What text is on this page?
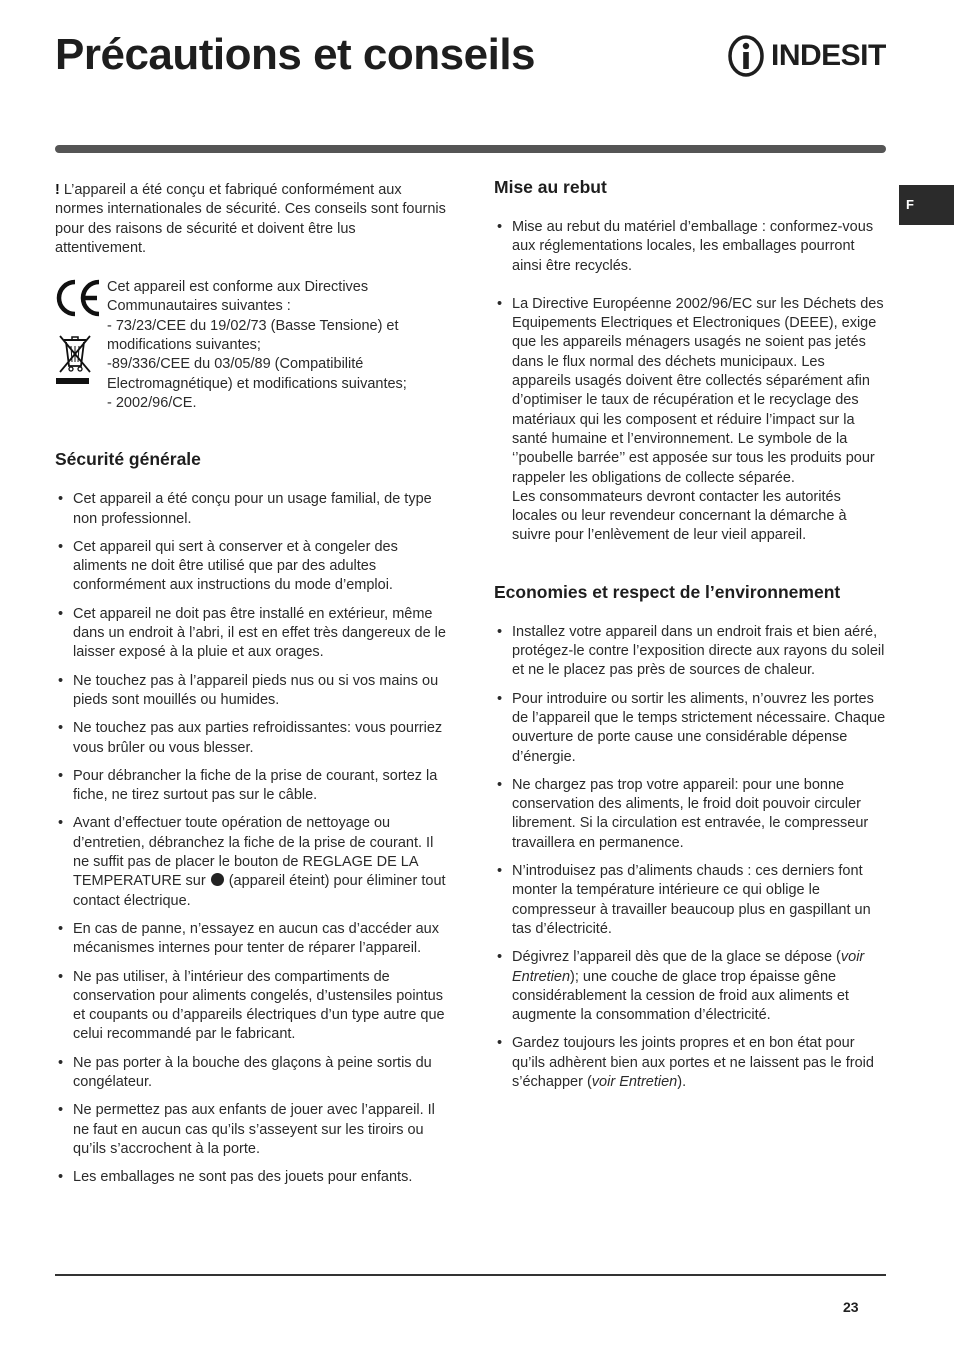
Précautions et conseils	INDESIT
F

! L’appareil a été conçu et fabriqué conformément aux normes internationales de sécurité. Ces conseils sont fournis pour des raisons de sécurité et doivent être lus attentivement.

Cet appareil est conforme aux Directives Communautaires suivantes :
- 73/23/CEE du 19/02/73 (Basse Tensione) et modifications suivantes;
-89/336/CEE du 03/05/89 (Compatibilité Electromagnétique) et modifications suivantes;
- 2002/96/CE.
Sécurité générale
• Cet appareil a été conçu pour un usage familial, de type non professionnel.
• Cet appareil qui sert à conserver et à congeler des aliments ne doit être utilisé que par des adultes conformément aux instructions du mode d’emploi.
• Cet appareil ne doit pas être installé en extérieur, même dans un endroit à l’abri, il est en effet très dangereux de le laisser exposé à la pluie et aux orages.
• Ne touchez pas à l’appareil pieds nus ou si vos mains ou pieds sont mouillés ou humides.
• Ne touchez pas aux parties refroidissantes: vous pourriez vous brûler ou vous blesser.
• Pour débrancher la fiche de la prise de courant, sortez la fiche, ne tirez surtout pas sur le câble.
• Avant d’effectuer toute opération de nettoyage ou d’entretien, débranchez la fiche de la prise de courant. Il ne suffit pas de placer le bouton de REGLAGE DE LA TEMPERATURE sur  (appareil éteint) pour éliminer tout contact électrique.
• En cas de panne, n’essayez en aucun cas d’accéder aux mécanismes internes pour tenter de réparer l’appareil.
• Ne pas utiliser, à l’intérieur des compartiments de conservation pour aliments congelés, d’ustensiles pointus et coupants ou d’appareils électriques d’un type autre que celui recommandé par le fabricant.
• Ne pas porter à la bouche des glaçons à peine sortis du congélateur.
• Ne permettez pas aux enfants de jouer avec l’appareil. Il ne faut en aucun cas qu’ils s’asseyent sur les tiroirs ou qu’ils s’accrochent à la porte.
• Les emballages ne sont pas des jouets pour enfants.
Mise au rebut
• Mise au rebut du matériel d’emballage : conformez-vous aux réglementations locales, les emballages pourront ainsi être recyclés.
• La Directive Européenne 2002/96/EC sur les Déchets des Equipements Electriques et Electroniques (DEEE), exige que les appareils ménagers usagés ne soient pas jetés dans le flux normal des déchets municipaux. Les appareils usagés doivent être collectés séparément afin d’optimiser le taux de récupération et le recyclage des matériaux qui les composent et réduire l’impact sur la santé humaine et l’environnement. Le symbole de la ‘’poubelle barrée’’ est apposée sur tous les produits pour rappeler les obligations de collecte séparée.
Les consommateurs devront contacter les autorités locales ou leur revendeur concernant la démarche à suivre pour l’enlèvement de leur vieil appareil.
Economies et respect de l’environnement
• Installez votre appareil dans un endroit frais et bien aéré, protégez-le contre l’exposition directe aux rayons du soleil et ne le placez pas près de sources de chaleur.
• Pour introduire ou sortir les aliments, n’ouvrez les portes de l’appareil que le temps strictement nécessaire. Chaque ouverture de porte cause une considérable dépense d’énergie.
• Ne chargez pas trop votre appareil: pour une bonne conservation des aliments, le froid doit pouvoir circuler librement. Si la circulation est entravée, le compresseur travaillera en permanence.
• N’introduisez pas d’aliments chauds : ces derniers font monter la température intérieure ce qui oblige le compresseur à travailler beaucoup plus en gaspillant un tas d’électricité.
• Dégivrez l’appareil dès que de la glace se dépose (voir Entretien); une couche de glace trop épaisse gêne considérablement la cession de froid aux aliments et augmente la consommation d’électricité.
• Gardez toujours les joints propres et en bon état pour qu’ils adhèrent bien aux portes et ne laissent pas le froid s’échapper (voir Entretien).
23
